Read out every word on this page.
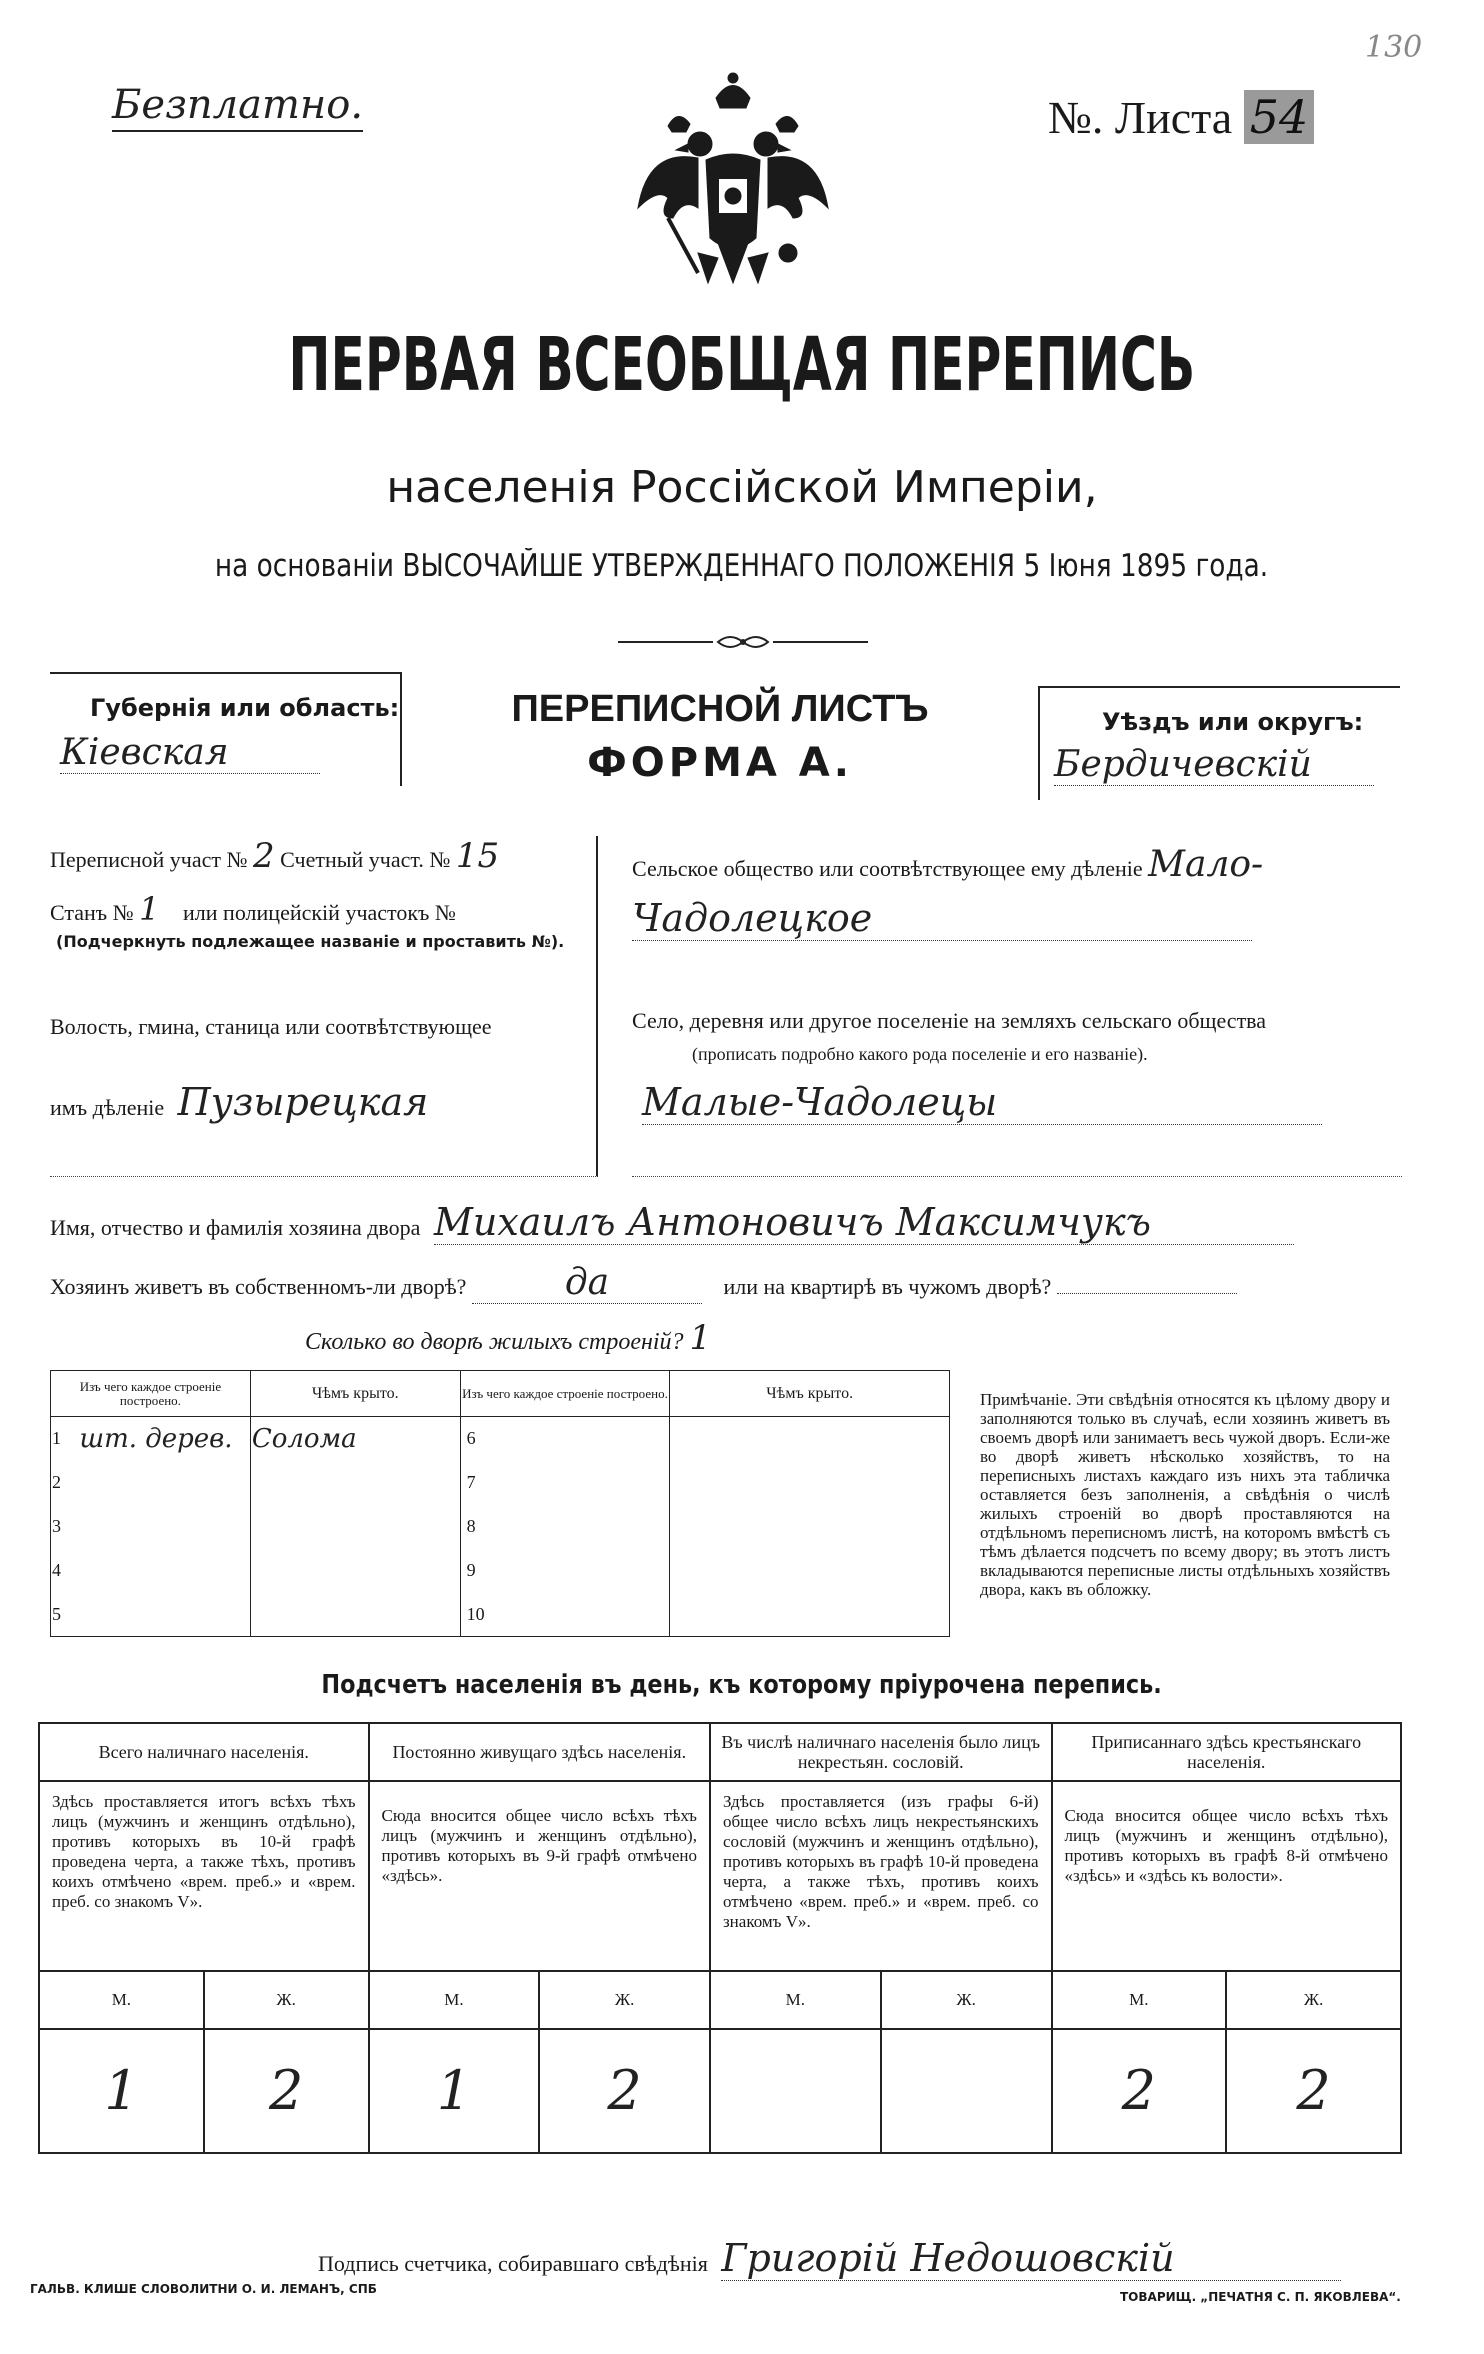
Безплатно.	№. Листа 54
130
ПЕРВАЯ ВСЕОБЩАЯ ПЕРЕПИСЬ
населенія Россійской Имперіи,
на основаніи ВЫСОЧАЙШЕ УТВЕРЖДЕННАГО ПОЛОЖЕНІЯ 5 Іюня 1895 года.
Губернія или область:
Кіевская
ПЕРЕПИСНОЙ ЛИСТЪ
ФОРМА А.
Уѣздъ или округъ:
Бердичевскій
Переписной участ № 2 Счетный участ. № 15
Станъ № 1 или полицейскій участокъ №
(Подчеркнуть подлежащее названіе и проставить №).
Волость, гмина, станица или соотвѣтствующее
имъ дѣленіе Пузырецкая
Сельское общество или соотвѣтствующее ему дѣленіе Мало-
Чадолецкое
Село, деревня или другое поселеніе на земляхъ сельскаго общества
(прописать подробно какого рода поселеніе и его названіе).
Малые-Чадолецы
Имя, отчество и фамилія хозяина двора Михаилъ Антоновичъ Максимчукъ
Хозяинъ живетъ въ собственномъ-ли дворѣ?	да	или на квартирѣ въ чужомъ дворѣ?
Сколько во дворѣ жилыхъ строеній? 1
Изъ чего каждое строеніе построено.		Чѣмъ крыто.	Изъ чего каждое строеніе построено.		Чѣмъ крыто.
1	шт. дерев.	Солома	6		
2			7		
3			8		
4			9		
5			10		
Примѣчаніе. Эти свѣдѣнія относятся къ цѣлому двору и заполняются только въ случаѣ, если хозяинъ живетъ въ своемъ дворѣ или занимаетъ весь чужой дворъ. Если-же во дворѣ живетъ нѣсколько хозяйствъ, то на переписныхъ листахъ каждаго изъ нихъ эта табличка оставляется безъ заполненія, а свѣдѣнія о числѣ жилыхъ строеній во дворѣ проставляются на отдѣльномъ переписномъ листѣ, на которомъ вмѣстѣ съ тѣмъ дѣлается подсчетъ по всему двору; въ этотъ листъ вкладываются переписные листы отдѣльныхъ хозяйствъ двора, какъ въ обложку.
Подсчетъ населенія въ день, къ которому пріурочена перепись.
Всего наличнаго населенія.		Постоянно живущаго здѣсь населенія.		Въ числѣ наличнаго населенія было лицъ некрестьян. сословій.		Приписаннаго здѣсь крестьянскаго населенія.	
Здѣсь проставляется итогъ всѣхъ тѣхъ лицъ (мужчинъ и женщинъ отдѣльно), противъ которыхъ въ 10-й графѣ проведена черта, а также тѣхъ, противъ коихъ отмѣчено «врем. преб.» и «врем. преб. со знакомъ V».		Сюда вносится общее число всѣхъ тѣхъ лицъ (мужчинъ и женщинъ отдѣльно), противъ которыхъ въ 9-й графѣ отмѣчено «здѣсь».		Здѣсь проставляется (изъ графы 6-й) общее число всѣхъ лицъ некрестьянскихъ сословій (мужчинъ и женщинъ отдѣльно), противъ которыхъ въ графѣ 10-й проведена черта, а также тѣхъ, противъ коихъ отмѣчено «врем. преб.» и «врем. преб. со знакомъ V».		Сюда вносится общее число всѣхъ тѣхъ лицъ (мужчинъ и женщинъ отдѣльно), противъ которыхъ въ графѣ 8-й отмѣчено «здѣсь» и «здѣсь къ волости».	
М.	Ж.	М.	Ж.	М.	Ж.	М.	Ж.
1	2	1	2			2	2
Подпись счетчика, собиравшаго свѣдѣнія Григорій Недошовскій
ГАЛЬВ. КЛИШЕ СЛОВОЛИТНИ О. И. ЛЕМАНЪ, СПБ
ТОВАРИЩ. „ПЕЧАТНЯ С. П. ЯКОВЛЕВА“.
